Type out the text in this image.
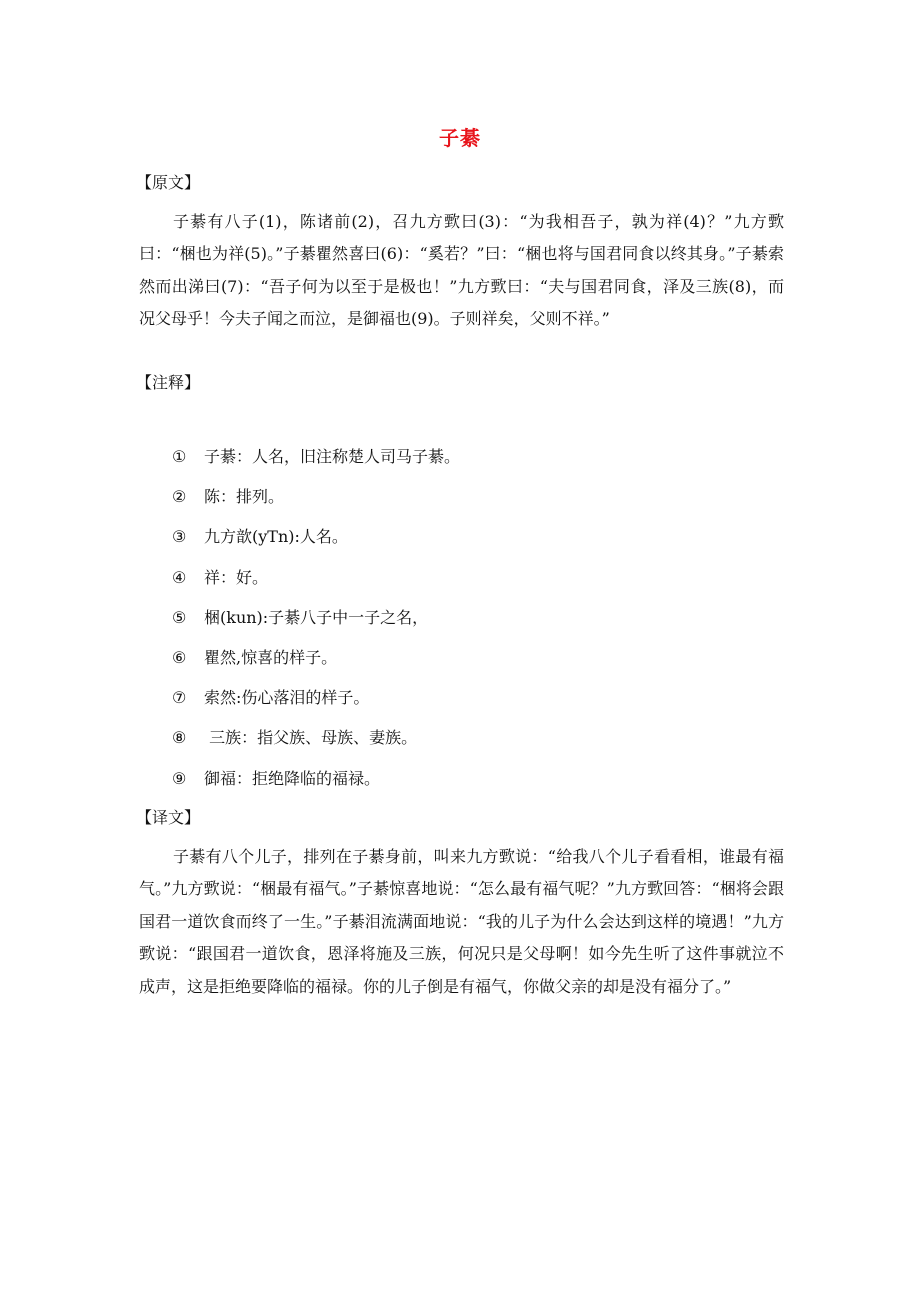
子綦
【原文】
子綦有八子(1)，陈诸前(2)，召九方歅曰(3)：“为我相吾子，孰为祥(4)？”九方歅曰：“梱也为祥(5)。”子綦瞿然喜曰(6)：“奚若？”曰：“梱也将与国君同食以终其身。”子綦索然而出涕曰(7)：“吾子何为以至于是极也！”九方歅曰：“夫与国君同食，泽及三族(8)，而况父母乎！今夫子闻之而泣，是御福也(9)。子则祥矣，父则不祥。”
【注释】
① 子綦：人名，旧注称楚人司马子綦。
② 陈：排列。
③ 九方歆(yTn):人名。
④ 祥：好。
⑤ 梱(kun):子綦八子中一子之名，
⑥ 瞿然,惊喜的样子。
⑦ 索然:伤心落泪的样子。
⑧ 三族：指父族、母族、妻族。
⑨ 御福：拒绝降临的福禄。
【译文】
子綦有八个儿子，排列在子綦身前，叫来九方歅说：“给我八个儿子看看相，谁最有福气。”九方歅说：“梱最有福气。”子綦惊喜地说：“怎么最有福气呢？”九方歅回答：“梱将会跟国君一道饮食而终了一生。”子綦泪流满面地说：“我的儿子为什么会达到这样的境遇！”九方歅说：“跟国君一道饮食，恩泽将施及三族，何况只是父母啊！如今先生听了这件事就泣不成声，这是拒绝要降临的福禄。你的儿子倒是有福气，你做父亲的却是没有福分了。”
